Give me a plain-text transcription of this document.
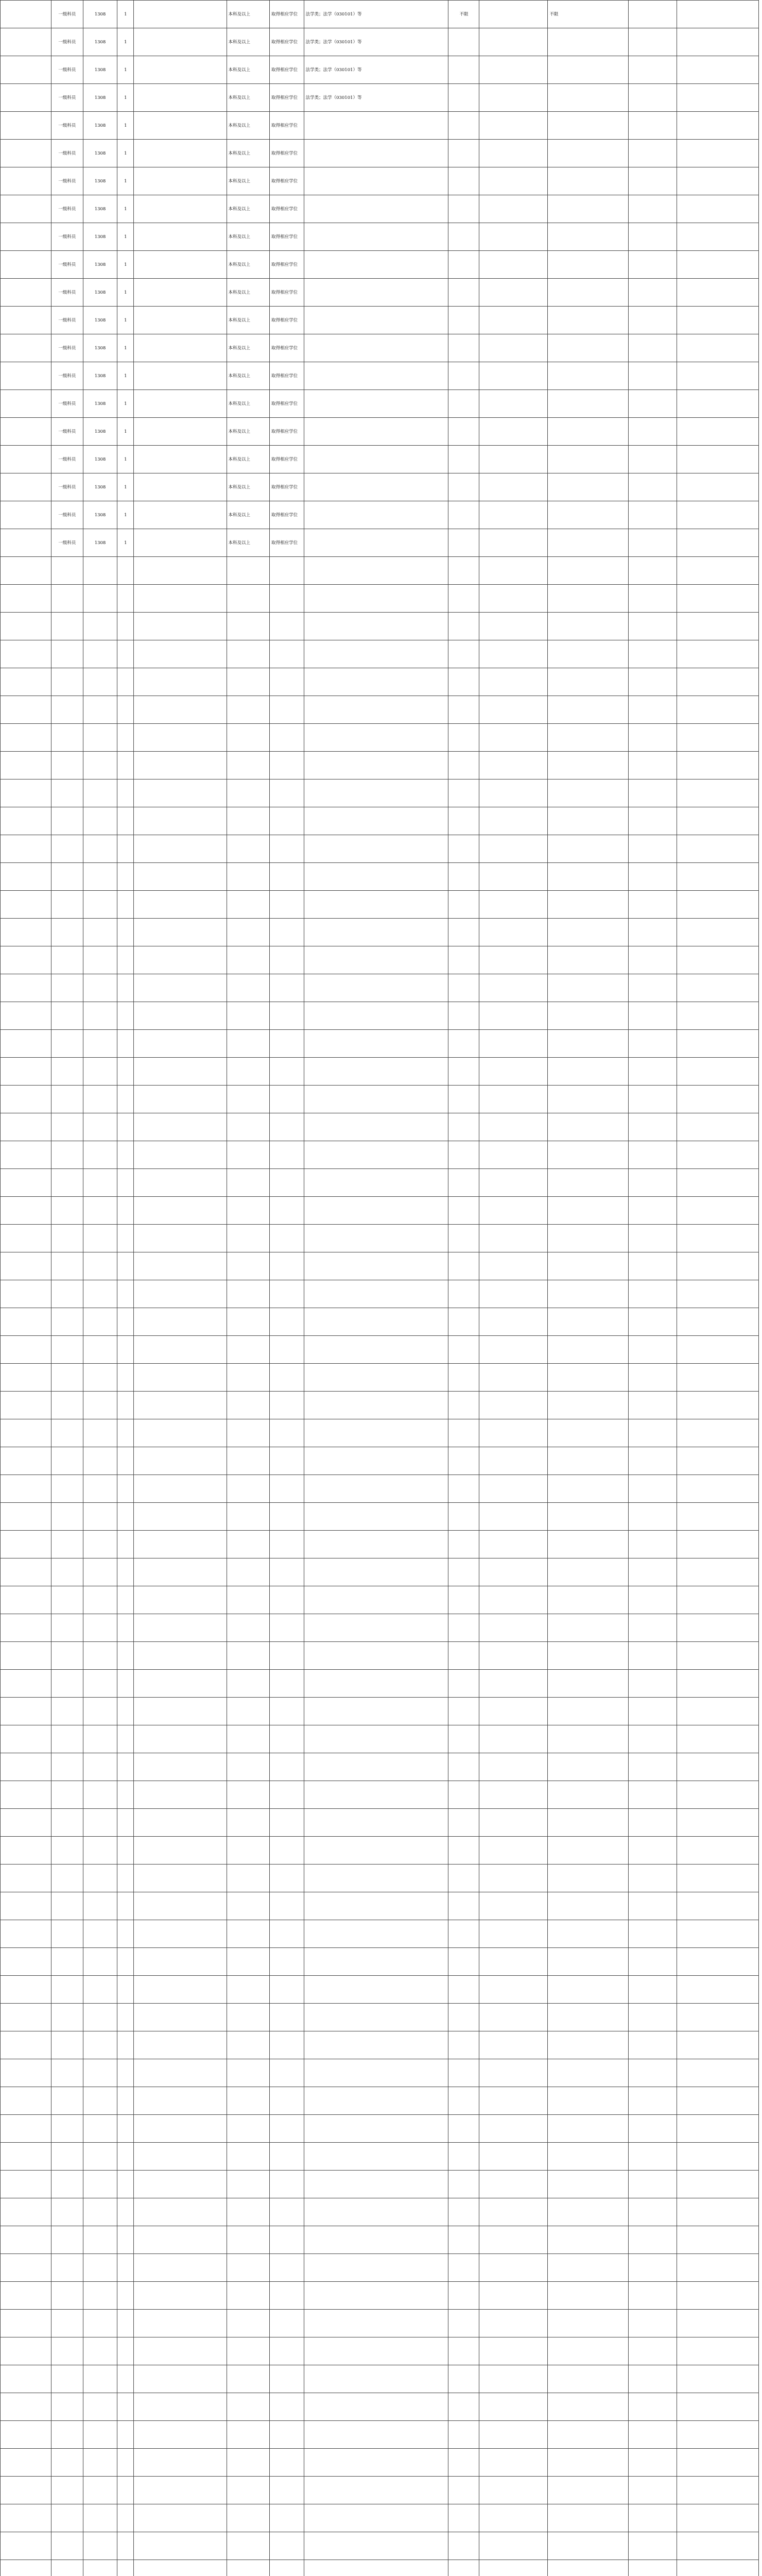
	一级科员	1308	1		本科及以上	取得相应学位	法学类；法学（030101）等	不限		不限		
	一级科员	1308	1		本科及以上	取得相应学位	法学类；法学（030101）等					
	一级科员	1308	1		本科及以上	取得相应学位	法学类；法学（030101）等					
	一级科员	1308	1		本科及以上	取得相应学位	法学类；法学（030101）等					
	一级科员	1308	1		本科及以上	取得相应学位						
	一级科员	1308	1		本科及以上	取得相应学位						
	一级科员	1308	1		本科及以上	取得相应学位						
	一级科员	1308	1		本科及以上	取得相应学位						
	一级科员	1308	1		本科及以上	取得相应学位						
	一级科员	1308	1		本科及以上	取得相应学位						
	一级科员	1308	1		本科及以上	取得相应学位						
	一级科员	1308	1		本科及以上	取得相应学位						
	一级科员	1308	1		本科及以上	取得相应学位						
	一级科员	1308	1		本科及以上	取得相应学位						
	一级科员	1308	1		本科及以上	取得相应学位						
	一级科员	1308	1		本科及以上	取得相应学位						
	一级科员	1308	1		本科及以上	取得相应学位						
	一级科员	1308	1		本科及以上	取得相应学位						
	一级科员	1308	1		本科及以上	取得相应学位						
	一级科员	1308	1		本科及以上	取得相应学位						
